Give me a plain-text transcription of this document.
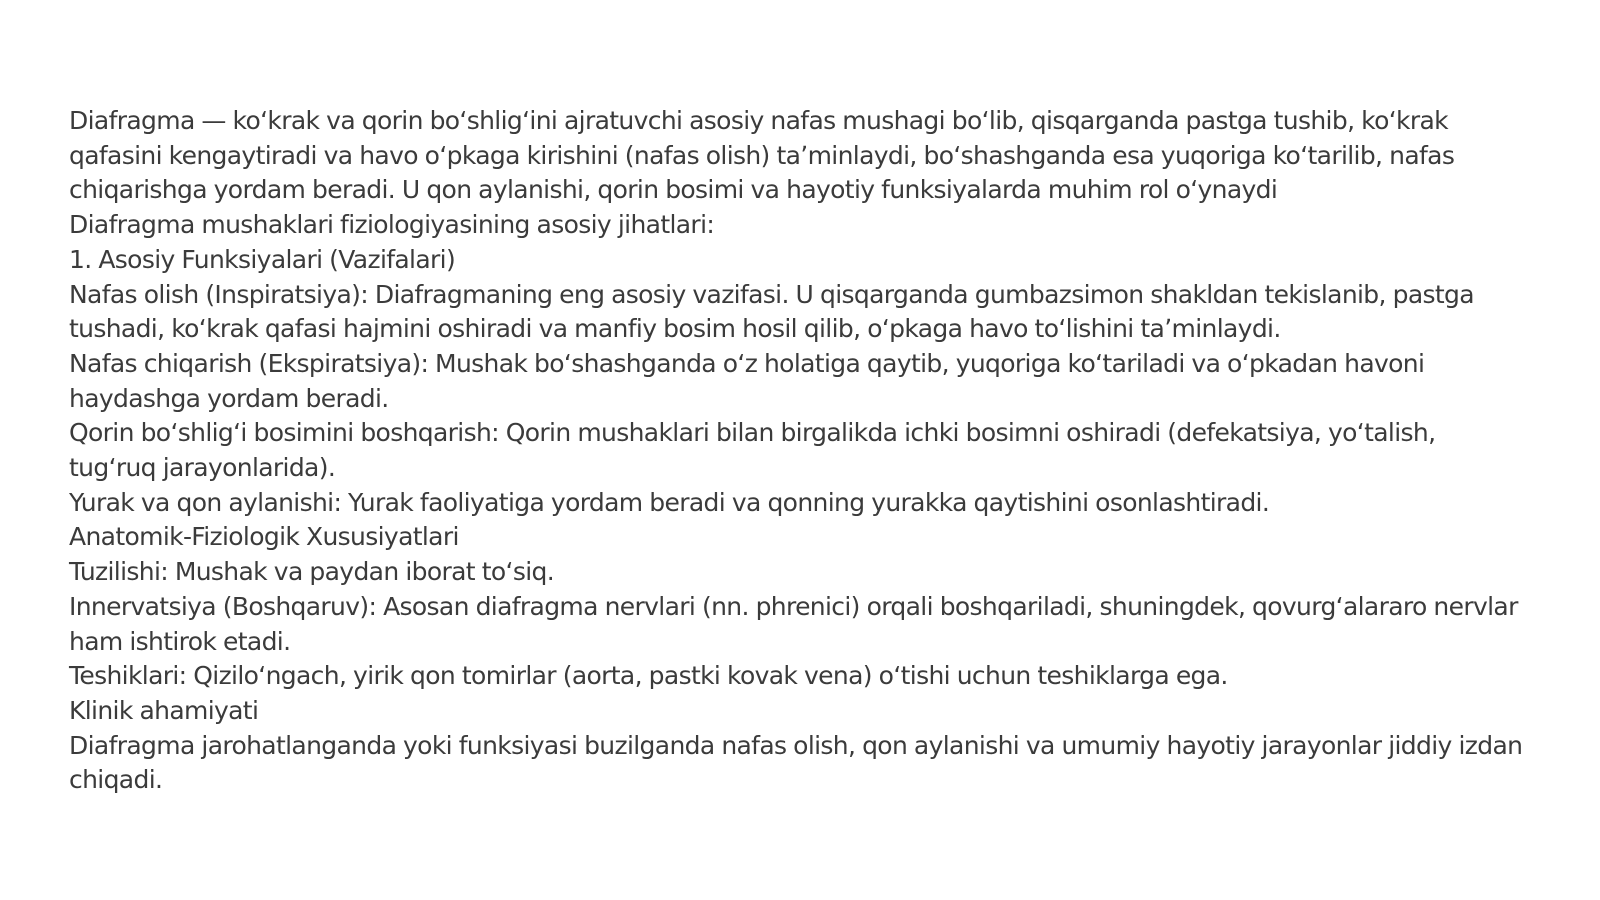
Diafragma — koʻkrak va qorin boʻshligʻini ajratuvchi asosiy nafas mushagi boʻlib, qisqarganda pastga tushib, koʻkrak

qafasini kengaytiradi va havo oʻpkaga kirishini (nafas olish) taʼminlaydi, boʻshashganda esa yuqoriga koʻtarilib, nafas

chiqarishga yordam beradi. U qon aylanishi, qorin bosimi va hayotiy funksiyalarda muhim rol oʻynaydi

Diafragma mushaklari fiziologiyasining asosiy jihatlari:

1. Asosiy Funksiyalari (Vazifalari)

Nafas olish (Inspiratsiya): Diafragmaning eng asosiy vazifasi. U qisqarganda gumbazsimon shakldan tekislanib, pastga

tushadi, koʻkrak qafasi hajmini oshiradi va manfiy bosim hosil qilib, oʻpkaga havo toʻlishini taʼminlaydi.

Nafas chiqarish (Ekspiratsiya): Mushak boʻshashganda oʻz holatiga qaytib, yuqoriga koʻtariladi va oʻpkadan havoni

haydashga yordam beradi.

Qorin boʻshligʻi bosimini boshqarish: Qorin mushaklari bilan birgalikda ichki bosimni oshiradi (defekatsiya, yoʻtalish,

tugʻruq jarayonlarida).

Yurak va qon aylanishi: Yurak faoliyatiga yordam beradi va qonning yurakka qaytishini osonlashtiradi.

Anatomik-Fiziologik Xususiyatlari

Tuzilishi: Mushak va paydan iborat toʻsiq.

Innervatsiya (Boshqaruv): Asosan diafragma nervlari (nn. phrenici) orqali boshqariladi, shuningdek, qovurgʻalararo nervlar

ham ishtirok etadi.

Teshiklari: Qiziloʻngach, yirik qon tomirlar (aorta, pastki kovak vena) oʻtishi uchun teshiklarga ega.

Klinik ahamiyati

Diafragma jarohatlanganda yoki funksiyasi buzilganda nafas olish, qon aylanishi va umumiy hayotiy jarayonlar jiddiy izdan

chiqadi.
